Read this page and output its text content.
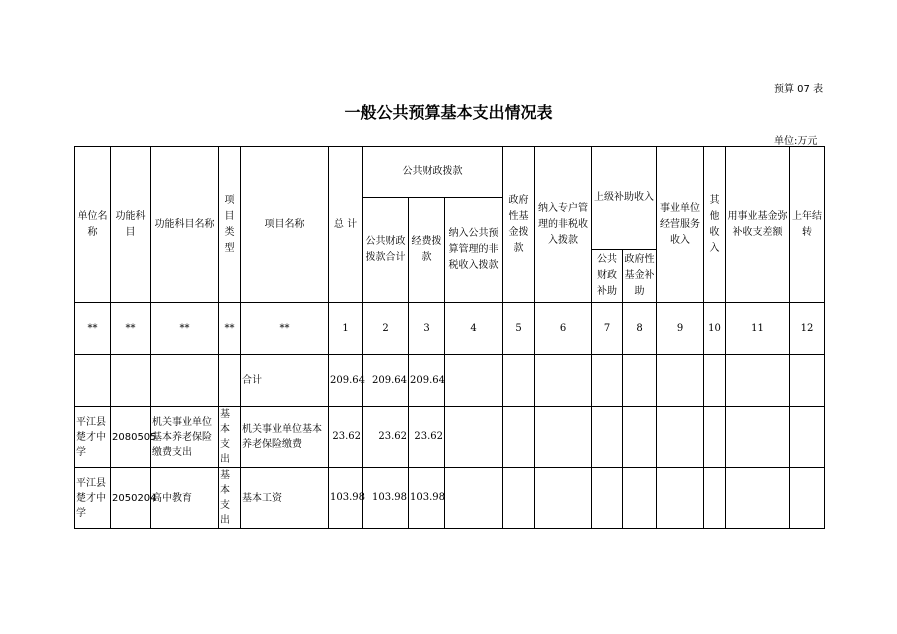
预算 07 表
一般公共预算基本支出情况表
单位:万元
单位名称	功能科目	功能科目名称	项目类型	项目名称	总 计	公共财政拨款			政府性基金拨款	纳入专户管理的非税收入拨款	上级补助收入		事业单位经营服务收入	其他收入	用事业基金弥补收支差额	上年结转
						公共财政拨款合计	经费拨款	纳入公共预算管理的非税收入拨款								
											公共财政补助	政府性基金补助				
**	**	**	**	**	1	2	3	4	5	6	7	8	9	10	11	12
				合计	209.64	209.64	209.64									
平江县楚才中学	2080505	机关事业单位基本养老保险缴费支出	基本支出	机关事业单位基本养老保险缴费	23.62	23.62	23.62									
平江县楚才中学	2050204	高中教育	基本支出	基本工资	103.98	103.98	103.98									
